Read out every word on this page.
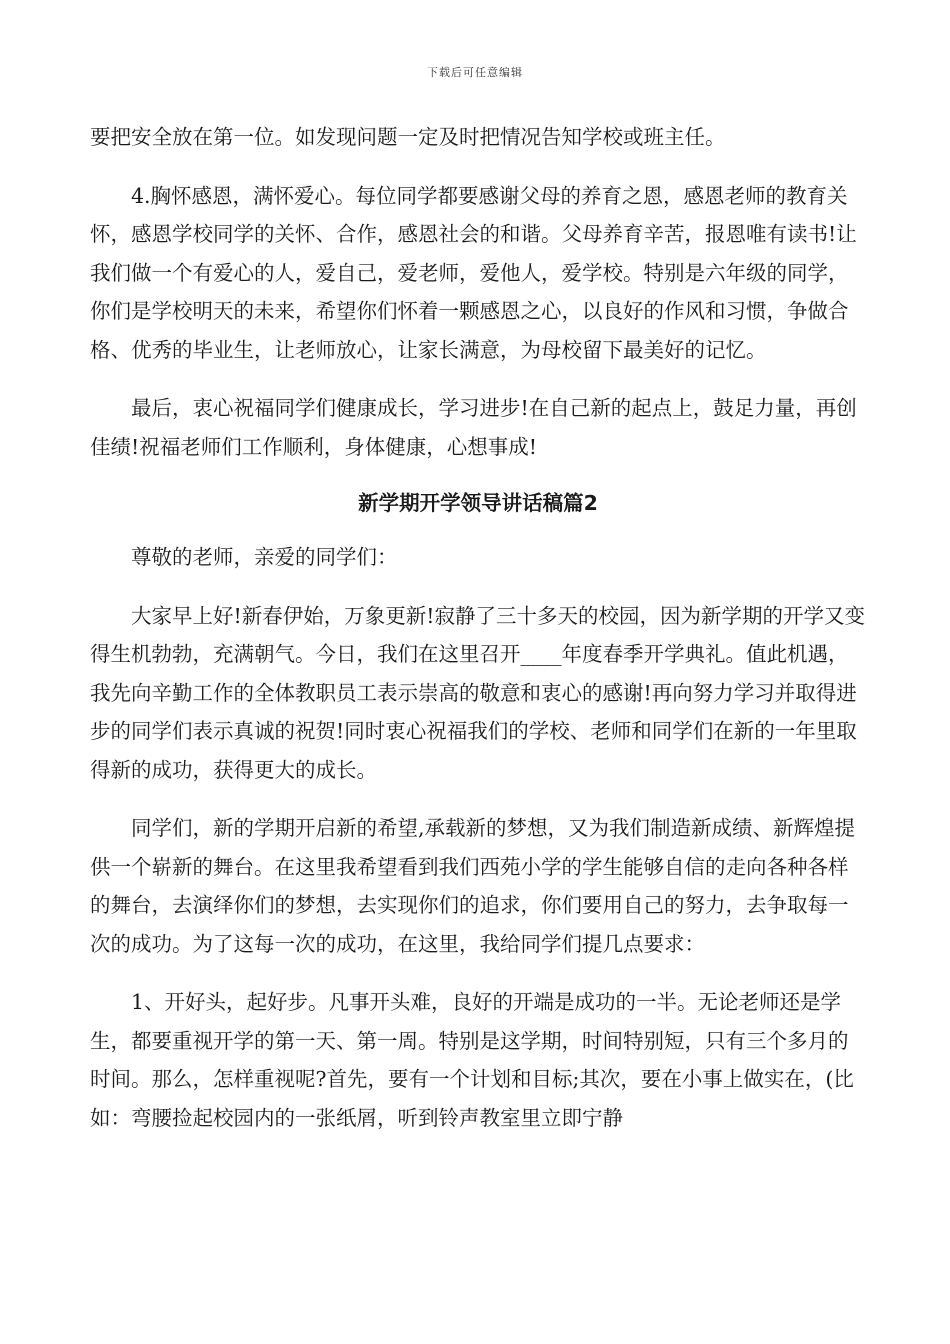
下载后可任意编辑

要把安全放在第一位。如发现问题一定及时把情况告知学校或班主任。

4.胸怀感恩，满怀爱心。每位同学都要感谢父母的养育之恩，感恩老师的教育关怀，感恩学校同学的关怀、合作，感恩社会的和谐。父母养育辛苦，报恩唯有读书!让我们做一个有爱心的人，爱自己，爱老师，爱他人，爱学校。特别是六年级的同学，你们是学校明天的未来，希望你们怀着一颗感恩之心，以良好的作风和习惯，争做合格、优秀的毕业生，让老师放心，让家长满意，为母校留下最美好的记忆。

最后，衷心祝福同学们健康成长，学习进步!在自己新的起点上，鼓足力量，再创佳绩!祝福老师们工作顺利，身体健康，心想事成!

新学期开学领导讲话稿篇2

尊敬的老师，亲爱的同学们：

大家早上好!新春伊始，万象更新!寂静了三十多天的校园，因为新学期的开学又变得生机勃勃，充满朝气。今日，我们在这里召开____年度春季开学典礼。值此机遇，我先向辛勤工作的全体教职员工表示崇高的敬意和衷心的感谢!再向努力学习并取得进步的同学们表示真诚的祝贺!同时衷心祝福我们的学校、老师和同学们在新的一年里取得新的成功，获得更大的成长。

同学们，新的学期开启新的希望,承载新的梦想，又为我们制造新成绩、新辉煌提供一个崭新的舞台。在这里我希望看到我们西苑小学的学生能够自信的走向各种各样的舞台，去演绎你们的梦想，去实现你们的追求，你们要用自己的努力，去争取每一次的成功。为了这每一次的成功，在这里，我给同学们提几点要求：

1、开好头，起好步。凡事开头难，良好的开端是成功的一半。无论老师还是学生，都要重视开学的第一天、第一周。特别是这学期，时间特别短，只有三个多月的时间。那么，怎样重视呢?首先，要有一个计划和目标;其次，要在小事上做实在，(比如：弯腰捡起校园内的一张纸屑，听到铃声教室里立即宁静
